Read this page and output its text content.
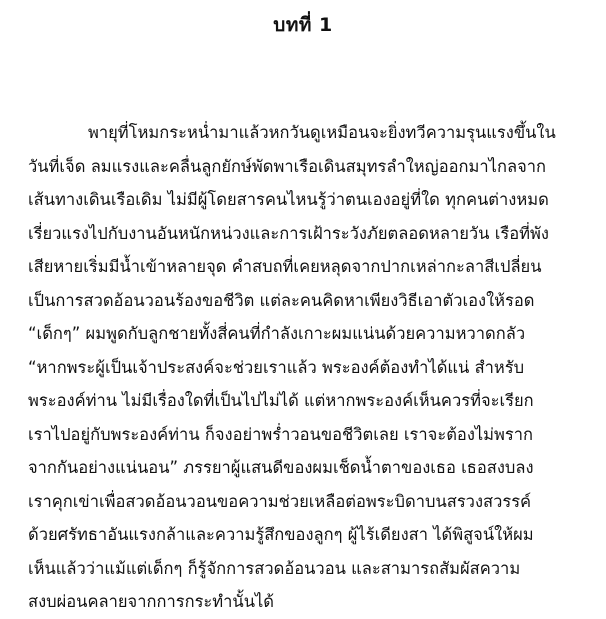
บทที่ 1
พายุที่โหมกระหน่ำมาแล้วหกวันดูเหมือนจะยิ่งทวีความรุนแรงขึ้นใน
วันที่เจ็ด ลมแรงและคลื่นลูกยักษ์พัดพาเรือเดินสมุทรลำใหญ่ออกมาไกลจาก
เส้นทางเดินเรือเดิม ไม่มีผู้โดยสารคนไหนรู้ว่าตนเองอยู่ที่ใด ทุกคนต่างหมด
เรี่ยวแรงไปกับงานอันหนักหน่วงและการเฝ้าระวังภัยตลอดหลายวัน เรือที่พัง
เสียหายเริ่มมีน้ำเข้าหลายจุด คำสบถที่เคยหลุดจากปากเหล่ากะลาสีเปลี่ยน
เป็นการสวดอ้อนวอนร้องขอชีวิต แต่ละคนคิดหาเพียงวิธีเอาตัวเองให้รอด
“เด็กๆ” ผมพูดกับลูกชายทั้งสี่คนที่กำลังเกาะผมแน่นด้วยความหวาดกลัว
“หากพระผู้เป็นเจ้าประสงค์จะช่วยเราแล้ว พระองค์ต้องทำได้แน่ สำหรับ
พระองค์ท่าน ไม่มีเรื่องใดที่เป็นไปไม่ได้ แต่หากพระองค์เห็นควรที่จะเรียก
เราไปอยู่กับพระองค์ท่าน ก็จงอย่าพร่ำวอนขอชีวิตเลย เราจะต้องไม่พราก
จากกันอย่างแน่นอน” ภรรยาผู้แสนดีของผมเช็ดน้ำตาของเธอ เธอสงบลง
เราคุกเข่าเพื่อสวดอ้อนวอนขอความช่วยเหลือต่อพระบิดาบนสรวงสวรรค์
ด้วยศรัทธาอันแรงกล้าและความรู้สึกของลูกๆ ผู้ไร้เดียงสา ได้พิสูจน์ให้ผม
เห็นแล้วว่าแม้แต่เด็กๆ ก็รู้จักการสวดอ้อนวอน และสามารถสัมผัสความ
สงบผ่อนคลายจากการกระทำนั้นได้
